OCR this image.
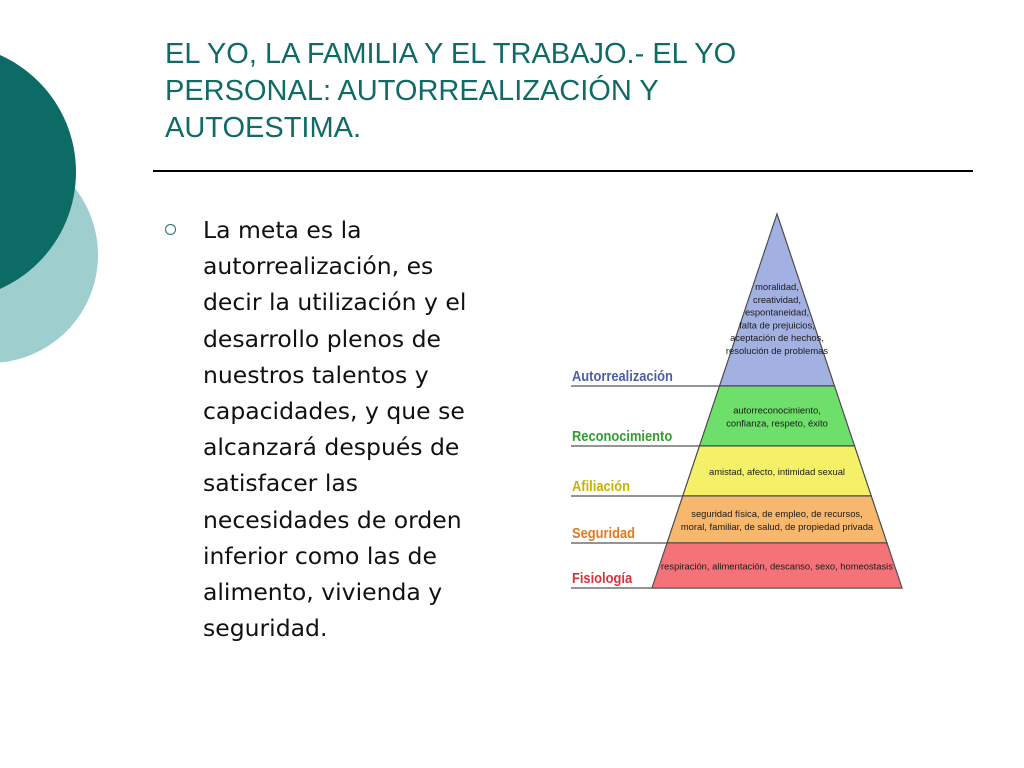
EL YO, LA FAMILIA Y EL TRABAJO.- EL YO
PERSONAL: AUTORREALIZACIÓN Y
AUTOESTIMA.
La meta es la
autorrealización, es
decir la utilización y el
desarrollo plenos de
nuestros talentos y
capacidades, y que se
alcanzará después de
satisfacer las
necesidades de orden
inferior como las de
alimento, vivienda y
seguridad.
moralidad,
creatividad,
espontaneidad,
falta de prejuicios,
aceptación de hechos,
resolución de problemas
Autorrealización
autorreconocimiento,
confianza, respeto, éxito
Reconocimiento
amistad, afecto, intimidad sexual
Afiliación
seguridad física, de empleo, de recursos,
moral, familiar, de salud, de propiedad privada
Seguridad
respiración, alimentación, descanso, sexo, homeostasis
Fisiología
